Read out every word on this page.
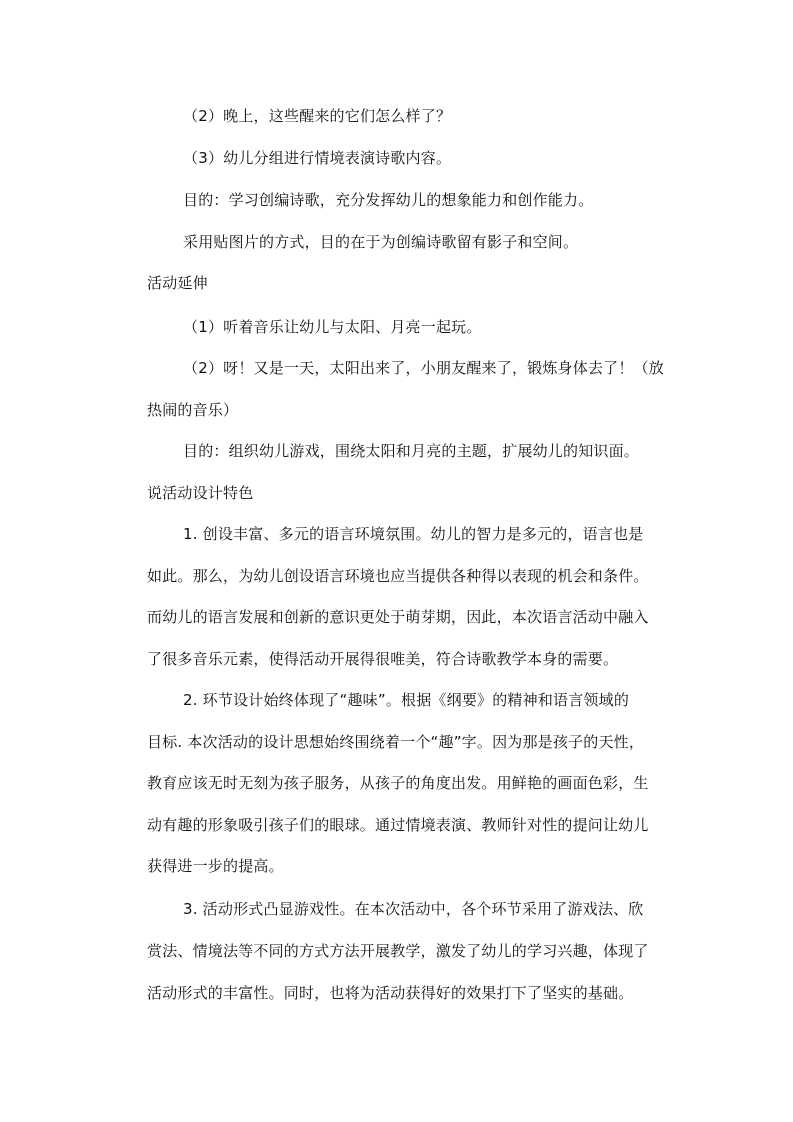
（2）晚上，这些醒来的它们怎么样了？
（3）幼儿分组进行情境表演诗歌内容。
目的：学习创编诗歌，充分发挥幼儿的想象能力和创作能力。
采用贴图片的方式，目的在于为创编诗歌留有影子和空间。
活动延伸
（1）听着音乐让幼儿与太阳、月亮一起玩。
（2）呀！又是一天，太阳出来了，小朋友醒来了，锻炼身体去了！（放
热闹的音乐）
目的：组织幼儿游戏，围绕太阳和月亮的主题，扩展幼儿的知识面。
说活动设计特色
1. 创设丰富、多元的语言环境氛围。幼儿的智力是多元的，语言也是
如此。那么，为幼儿创设语言环境也应当提供各种得以表现的机会和条件。
而幼儿的语言发展和创新的意识更处于萌芽期，因此，本次语言活动中融入
了很多音乐元素，使得活动开展得很唯美，符合诗歌教学本身的需要。
2. 环节设计始终体现了“趣味”。根据《纲要》的精神和语言领域的
目标. 本次活动的设计思想始终围绕着一个“趣”字。因为那是孩子的天性，
教育应该无时无刻为孩子服务，从孩子的角度出发。用鲜艳的画面色彩，生
动有趣的形象吸引孩子们的眼球。通过情境表演、教师针对性的提问让幼儿
获得进一步的提高。
3. 活动形式凸显游戏性。在本次活动中，各个环节采用了游戏法、欣
赏法、情境法等不同的方式方法开展教学，激发了幼儿的学习兴趣，体现了
活动形式的丰富性。同时，也将为活动获得好的效果打下了坚实的基础。
